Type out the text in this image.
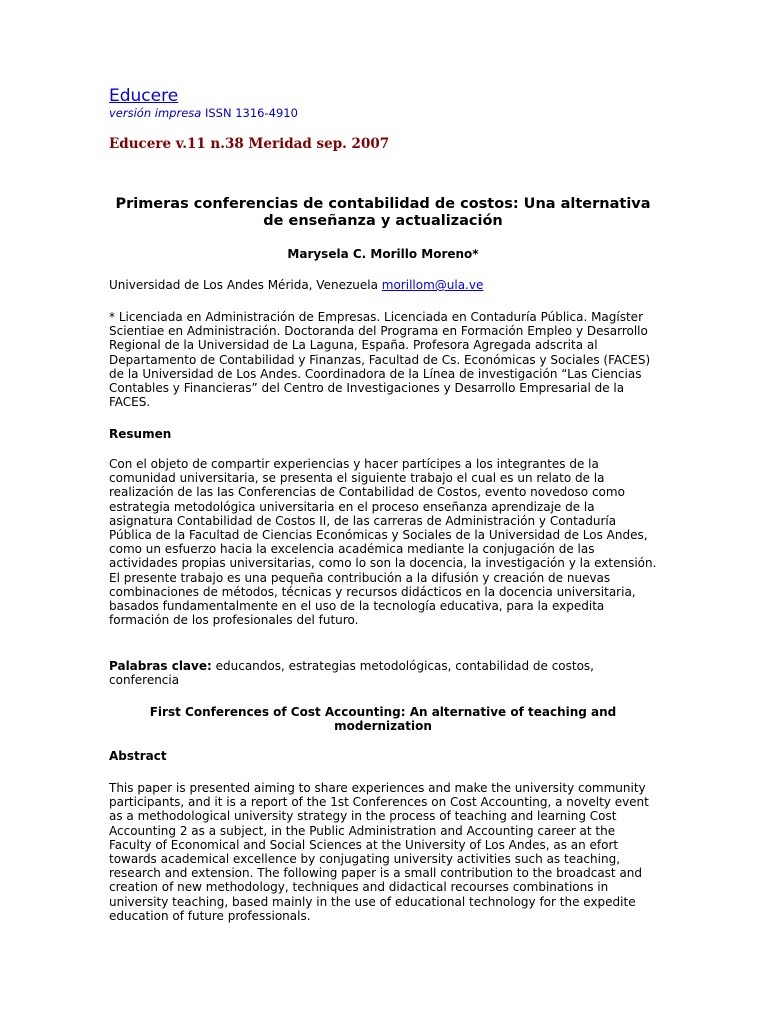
Educere
versión impresa ISSN 1316-4910
Educere v.11 n.38 Meridad sep. 2007
Primeras conferencias de contabilidad de costos: Una alternativa de enseñanza y actualización
Marysela C. Morillo Moreno*
Universidad de Los Andes Mérida, Venezuela morillom@ula.ve
* Licenciada en Administración de Empresas. Licenciada en Contaduría Pública. Magíster Scientiae en Administración. Doctoranda del Programa en Formación Empleo y Desarrollo Regional de la Universidad de La Laguna, España. Profesora Agregada adscrita al Departamento de Contabilidad y Finanzas, Facultad de Cs. Económicas y Sociales (FACES) de la Universidad de Los Andes. Coordinadora de la Línea de investigación “Las Ciencias Contables y Financieras” del Centro de Investigaciones y Desarrollo Empresarial de la FACES.
Resumen
Con el objeto de compartir experiencias y hacer partícipes a los integrantes de la comunidad universitaria, se presenta el siguiente trabajo el cual es un relato de la realización de las Ias Conferencias de Contabilidad de Costos, evento novedoso como estrategia metodológica universitaria en el proceso enseñanza aprendizaje de la asignatura Contabilidad de Costos II, de las carreras de Administración y Contaduría Pública de la Facultad de Ciencias Económicas y Sociales de la Universidad de Los Andes, como un esfuerzo hacia la excelencia académica mediante la conjugación de las actividades propias universitarias, como lo son la docencia, la investigación y la extensión. El presente trabajo es una pequeña contribución a la difusión y creación de nuevas combinaciones de métodos, técnicas y recursos didácticos en la docencia universitaria, basados fundamentalmente en el uso de la tecnología educativa, para la expedita formación de los profesionales del futuro.
Palabras clave: educandos, estrategias metodológicas, contabilidad de costos, conferencia
First Conferences of Cost Accounting: An alternative of teaching and modernization
Abstract
This paper is presented aiming to share experiences and make the university community participants, and it is a report of the 1st Conferences on Cost Accounting, a novelty event as a methodological university strategy in the process of teaching and learning Cost Accounting 2 as a subject, in the Public Administration and Accounting career at the Faculty of Economical and Social Sciences at the University of Los Andes, as an efort towards academical excellence by conjugating university activities such as teaching, research and extension. The following paper is a small contribution to the broadcast and creation of new methodology, techniques and didactical recourses combinations in university teaching, based mainly in the use of educational technology for the expedite education of future professionals.
